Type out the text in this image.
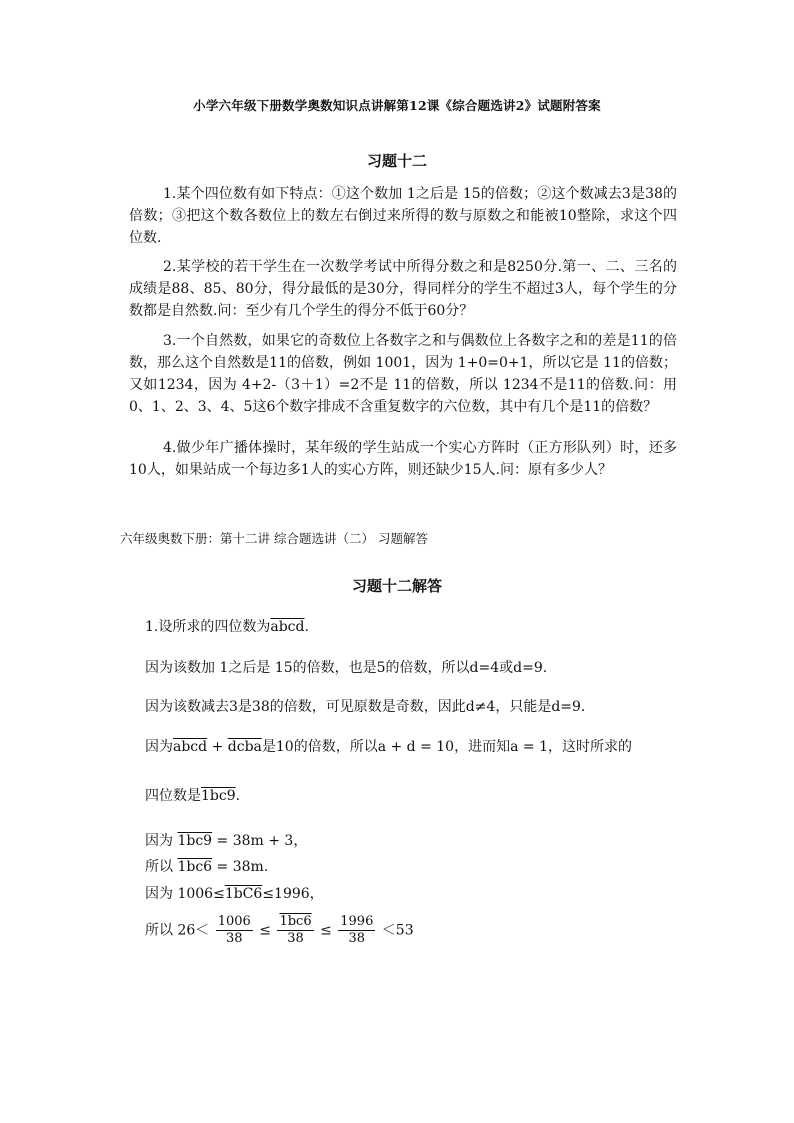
小学六年级下册数学奥数知识点讲解第12课《综合题选讲2》试题附答案
习题十二
1.某个四位数有如下特点：①这个数加 1之后是 15的倍数；②这个数减去3是38的倍数；③把这个数各数位上的数左右倒过来所得的数与原数之和能被10整除，求这个四位数.
2.某学校的若干学生在一次数学考试中所得分数之和是8250分.第一、二、三名的成绩是88、85、80分，得分最低的是30分，得同样分的学生不超过3人，每个学生的分数都是自然数.问：至少有几个学生的得分不低于60分？
3.一个自然数，如果它的奇数位上各数字之和与偶数位上各数字之和的差是11的倍数，那么这个自然数是11的倍数，例如 1001，因为 1+0=0+1，所以它是 11的倍数；又如1234，因为 4+2-（3＋1）=2不是 11的倍数，所以 1234不是11的倍数.问：用0、1、2、3、4、5这6个数字排成不含重复数字的六位数，其中有几个是11的倍数？
4.做少年广播体操时，某年级的学生站成一个实心方阵时（正方形队列）时，还多10人，如果站成一个每边多1人的实心方阵，则还缺少15人.问：原有多少人？
六年级奥数下册：第十二讲 综合题选讲（二） 习题解答
习题十二解答
1.设所求的四位数为abcd.
因为该数加 1之后是 15的倍数，也是5的倍数，所以d=4或d=9.
因为该数减去3是38的倍数，可见原数是奇数，因此d≠4，只能是d=9.
因为abcd + dcba是10的倍数，所以a + d = 10，进而知a = 1，这时所求的
四位数是1bc9.
因为 1bc9 = 38m + 3，
所以 1bc6 = 38m.
因为 1006≤1bC6≤1996，
所以 $26< \frac{1006}{38} \le \frac{1bc6}{38} \le \frac{1996}{38} <53$
